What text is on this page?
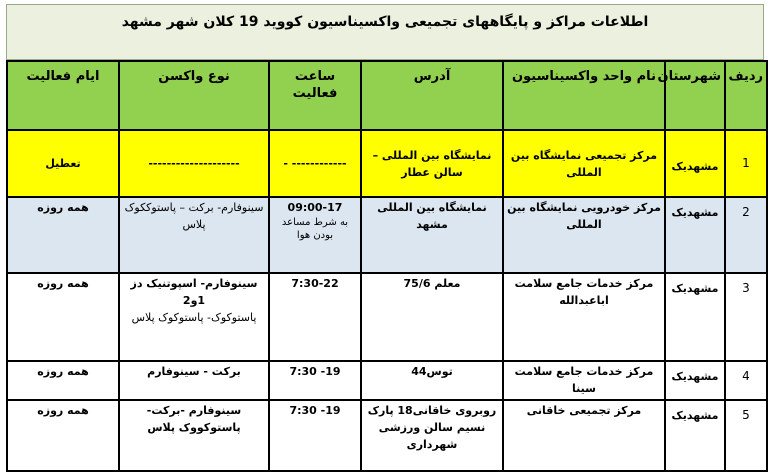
اطلاعات مراکز و پایگاههای تجمیعی واکسیناسیون کووید 19 کلان شهر مشهد
ردیف	شهرستان	نام واحد واکسیناسیون	آدرس	ساعت فعالیت	نوع واکسن	ایام فعالیت
1	مشهدیک	مرکز تجمیعی نمایشگاه بین المللی	نمایشگاه بین المللی – سالن عطار	------------ -	--------------------	تعطیل
2	مشهدیک	مرکز خودرویی نمایشگاه بین المللی	نمایشگاه بین المللی مشهد	09:00-17
به شرط مساعد بودن هوا	سینوفارم- برکت – پاستوککوک پلاس	همه روزه
3	مشهدیک	مرکز خدمات جامع سلامت اباعبدالله	معلم 75/6	7:30-22	سینوفارم- اسپوتنیک دز 1و2
پاستوکوک- پاستوکوک پلاس	همه روزه
4	مشهدیک	مرکز خدمات جامع سلامت سینا	توس44	19- 7:30	برکت - سینوفارم	همه روزه
5	مشهدیک	مرکز تجمیعی خاقانی	روبروی خاقانی18 پارک نسیم سالن ورزشی شهرداری	19- 7:30	سینوفارم -برکت- پاستوکووک پلاس	همه روزه
